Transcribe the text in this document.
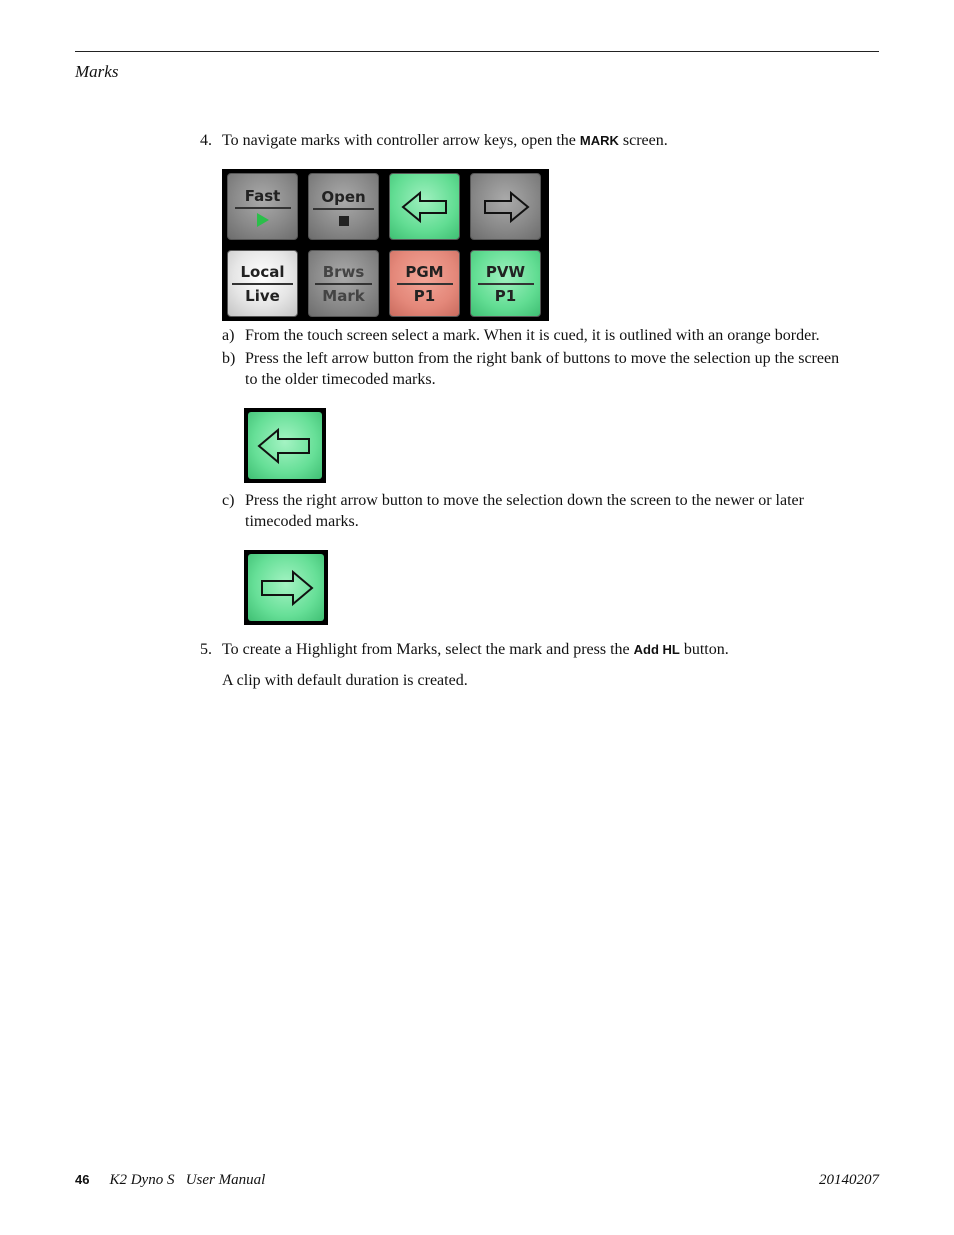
Marks
4. To navigate marks with controller arrow keys, open the MARK screen.
Fast	Open
Local
Live
Brws
Mark
PGM
P1
PVW
P1
a) From the touch screen select a mark. When it is cued, it is outlined with an orange border.
b) Press the left arrow button from the right bank of buttons to move the selection up the screen
to the older timecoded marks.
c) Press the right arrow button to move the selection down the screen to the newer or later
timecoded marks.
5. To create a Highlight from Marks, select the mark and press the Add HL button.
A clip with default duration is created.
46 K2 Dyno S   User Manual	20140207
